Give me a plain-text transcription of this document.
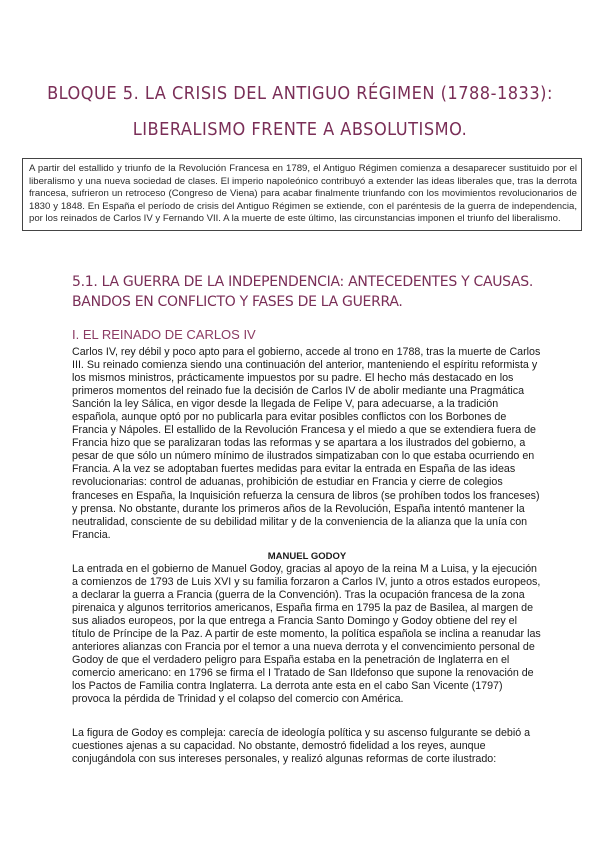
BLOQUE 5. LA CRISIS DEL ANTIGUO RÉGIMEN (1788-1833):
LIBERALISMO FRENTE A ABSOLUTISMO.
A partir del estallido y triunfo de la Revolución Francesa en 1789, el Antiguo Régimen comienza a desaparecer sustituido por el liberalismo y una nueva sociedad de clases. El imperio napoleónico contribuyó a extender las ideas liberales que, tras la derrota francesa, sufrieron un retroceso (Congreso de Viena) para acabar finalmente triunfando con los movimientos revolucionarios de 1830 y 1848. En España el período de crisis del Antiguo Régimen se extiende, con el paréntesis de la guerra de independencia, por los reinados de Carlos IV y Fernando VII. A la muerte de este último, las circunstancias imponen el triunfo del liberalismo.
5.1. LA GUERRA DE LA INDEPENDENCIA: ANTECEDENTES Y CAUSAS. BANDOS EN CONFLICTO Y FASES DE LA GUERRA.
I. EL REINADO DE CARLOS IV

Carlos IV, rey débil y poco apto para el gobierno, accede al trono en 1788, tras la muerte de Carlos III. Su reinado comienza siendo una continuación del anterior, manteniendo el espíritu reformista y los mismos ministros, prácticamente impuestos por su padre. El hecho más destacado en los primeros momentos del reinado fue la decisión de Carlos IV de abolir mediante una Pragmática Sanción la ley Sálica, en vigor desde la llegada de Felipe V, para adecuarse, a la tradición española, aunque optó por no publicarla para evitar posibles conflictos con los Borbones de Francia y Nápoles. El estallido de la Revolución Francesa y el miedo a que se extendiera fuera de Francia hizo que se paralizaran todas las reformas y se apartara a los ilustrados del gobierno, a pesar de que sólo un número mínimo de ilustrados simpatizaban con lo que estaba ocurriendo en Francia. A la vez se adoptaban fuertes medidas para evitar la entrada en España de las ideas revolucionarias: control de aduanas, prohibición de estudiar en Francia y cierre de colegios franceses en España, la Inquisición refuerza la censura de libros (se prohíben todos los franceses) y prensa. No obstante, durante los primeros años de la Revolución, España intentó mantener la neutralidad, consciente de su debilidad militar y de la conveniencia de la alianza que la unía con Francia.

MANUEL GODOY

La entrada en el gobierno de Manuel Godoy, gracias al apoyo de la reina M a Luisa, y la ejecución a comienzos de 1793 de Luis XVI y su familia forzaron a Carlos IV, junto a otros estados europeos, a declarar la guerra a Francia (guerra de la Convención). Tras la ocupación francesa de la zona pirenaica y algunos territorios americanos, España firma en 1795 la paz de Basilea, al margen de sus aliados europeos, por la que entrega a Francia Santo Domingo y Godoy obtiene del rey el título de Príncipe de la Paz. A partir de este momento, la política española se inclina a reanudar las anteriores alianzas con Francia por el temor a una nueva derrota y el convencimiento personal de Godoy de que el verdadero peligro para España estaba en la penetración de Inglaterra en el comercio americano: en 1796 se firma el I Tratado de San Ildefonso que supone la renovación de los Pactos de Familia contra Inglaterra. La derrota ante esta en el cabo San Vicente (1797) provoca la pérdida de Trinidad y el colapso del comercio con América.

La figura de Godoy es compleja: carecía de ideología política y su ascenso fulgurante se debió a cuestiones ajenas a su capacidad. No obstante, demostró fidelidad a los reyes, aunque conjugándola con sus intereses personales, y realizó algunas reformas de corte ilustrado:
